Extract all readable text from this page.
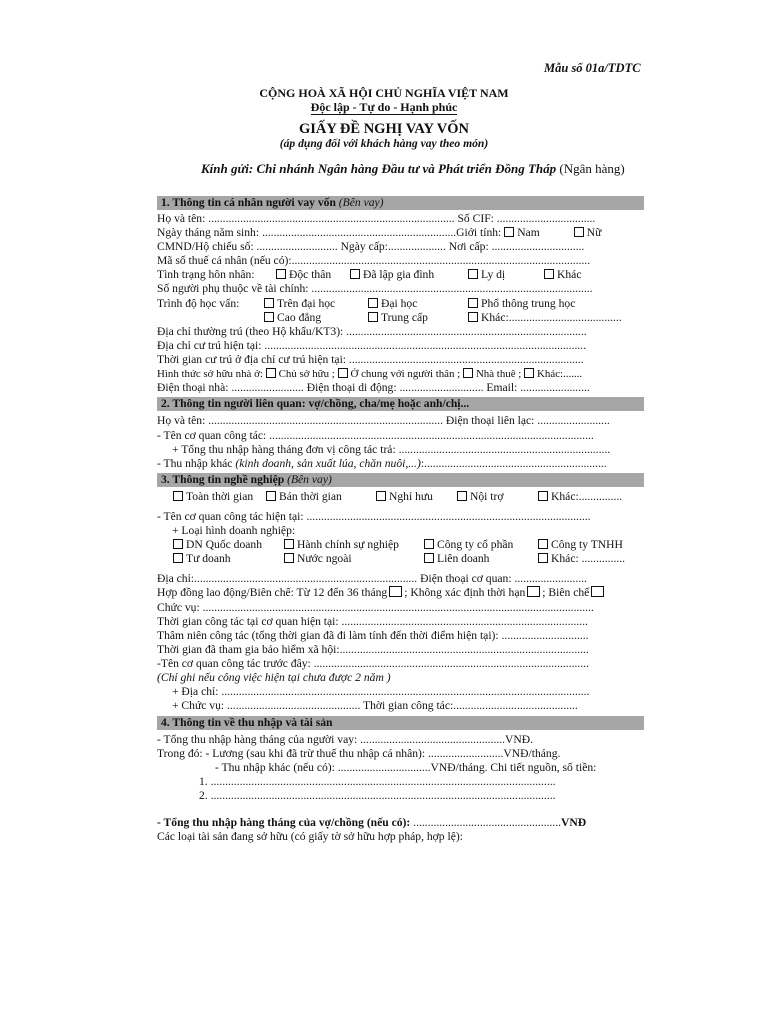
Mẫu số 01a/TDTC
CỘNG HOÀ XÃ HỘI CHỦ NGHĨA VIỆT NAM
Độc lập - Tự do - Hạnh phúc
GIẤY ĐỀ NGHỊ VAY VỐN
(áp dụng đối với khách hàng vay theo món)
Kính gửi: Chi nhánh Ngân hàng Đầu tư và Phát triển Đồng Tháp (Ngân hàng)
1. Thông tin cá nhân người vay vốn (Bên vay)
Họ và tên: ..................................................................................... Số CIF: ..................................
Ngày tháng năm sinh: ...................................................................Giới tính: Nam	Nữ
CMND/Hộ chiếu số: ............................ Ngày cấp:.................... Nơi cấp: ................................
Mã số thuế cá nhân (nếu có):.......................................................................................................
Tình trạng hôn nhân:	Độc thân	Đã lập gia đình	Ly dị	Khác
Số người phụ thuộc về tài chính: .................................................................................................
Trình độ học vấn:	Trên đại học	Đại học	Phổ thông trung học
Cao đẳng	Trung cấp	Khác:.......................................
Địa chỉ thường trú (theo Hộ khẩu/KT3): ...................................................................................
Địa chỉ cư trú hiện tại: ...............................................................................................................
Thời gian cư trú ở địa chỉ cư trú hiện tại: .................................................................................
Hình thức sở hữu nhà ở: Chủ sở hữu ; Ở chung với người thân ; Nhà thuê ; Khác:.......
Điện thoại nhà: ......................... Điện thoại di động: ............................. Email: ........................
2. Thông tin người liên quan: vợ/chồng, cha/mẹ hoặc anh/chị...
Họ và tên: ................................................................................. Điện thoại liên lạc: .........................
- Tên cơ quan công tác: ................................................................................................................
+ Tổng thu nhập hàng tháng đơn vị công tác trả: .........................................................................
- Thu nhập khác (kinh doanh, sản xuất lúa, chăn nuôi,...):...............................................................
3. Thông tin nghề nghiệp (Bên vay)
Toàn thời gian	Bán thời gian	Nghỉ hưu	Nội trợ	Khác:...............
- Tên cơ quan công tác hiện tại: ..................................................................................................
+ Loại hình doanh nghiệp:
DN Quốc doanh	Hành chính sự nghiệp	Công ty cổ phần	Công ty TNHH
Tư doanh	Nước ngoài	Liên doanh	Khác: ...............
Địa chỉ:............................................................................. Điện thoại cơ quan: .........................
Hợp đồng lao động/Biên chế: Từ 12 đến 36 tháng ; Không xác định thời hạn ; Biên chế
Chức vụ: .......................................................................................................................................
Thời gian công tác tại cơ quan hiện tại: .....................................................................................
Thâm niên công tác (tổng thời gian đã đi làm tính đến thời điểm hiện tại): ..............................
Thời gian đã tham gia bảo hiểm xã hội:......................................................................................
-Tên cơ quan công tác trước đây: ...............................................................................................
(Chỉ ghi nếu công việc hiện tại chưa được 2 năm )
+ Địa chỉ: ...............................................................................................................................
+ Chức vụ: .............................................. Thời gian công tác:...........................................
4. Thông tin về thu nhập và tài sản
- Tổng thu nhập hàng tháng của người vay: ..................................................VNĐ.
Trong đó: - Lương (sau khi đã trừ thuế thu nhập cá nhân): ..........................VNĐ/tháng.
- Thu nhập khác (nếu có): ................................VNĐ/tháng. Chi tiết nguồn, số tiền:
1. .......................................................................................................................
2. .......................................................................................................................
- Tổng thu nhập hàng tháng của vợ/chồng (nếu có): ...................................................VNĐ
Các loại tài sản đang sở hữu (có giấy tờ sở hữu hợp pháp, hợp lệ):
